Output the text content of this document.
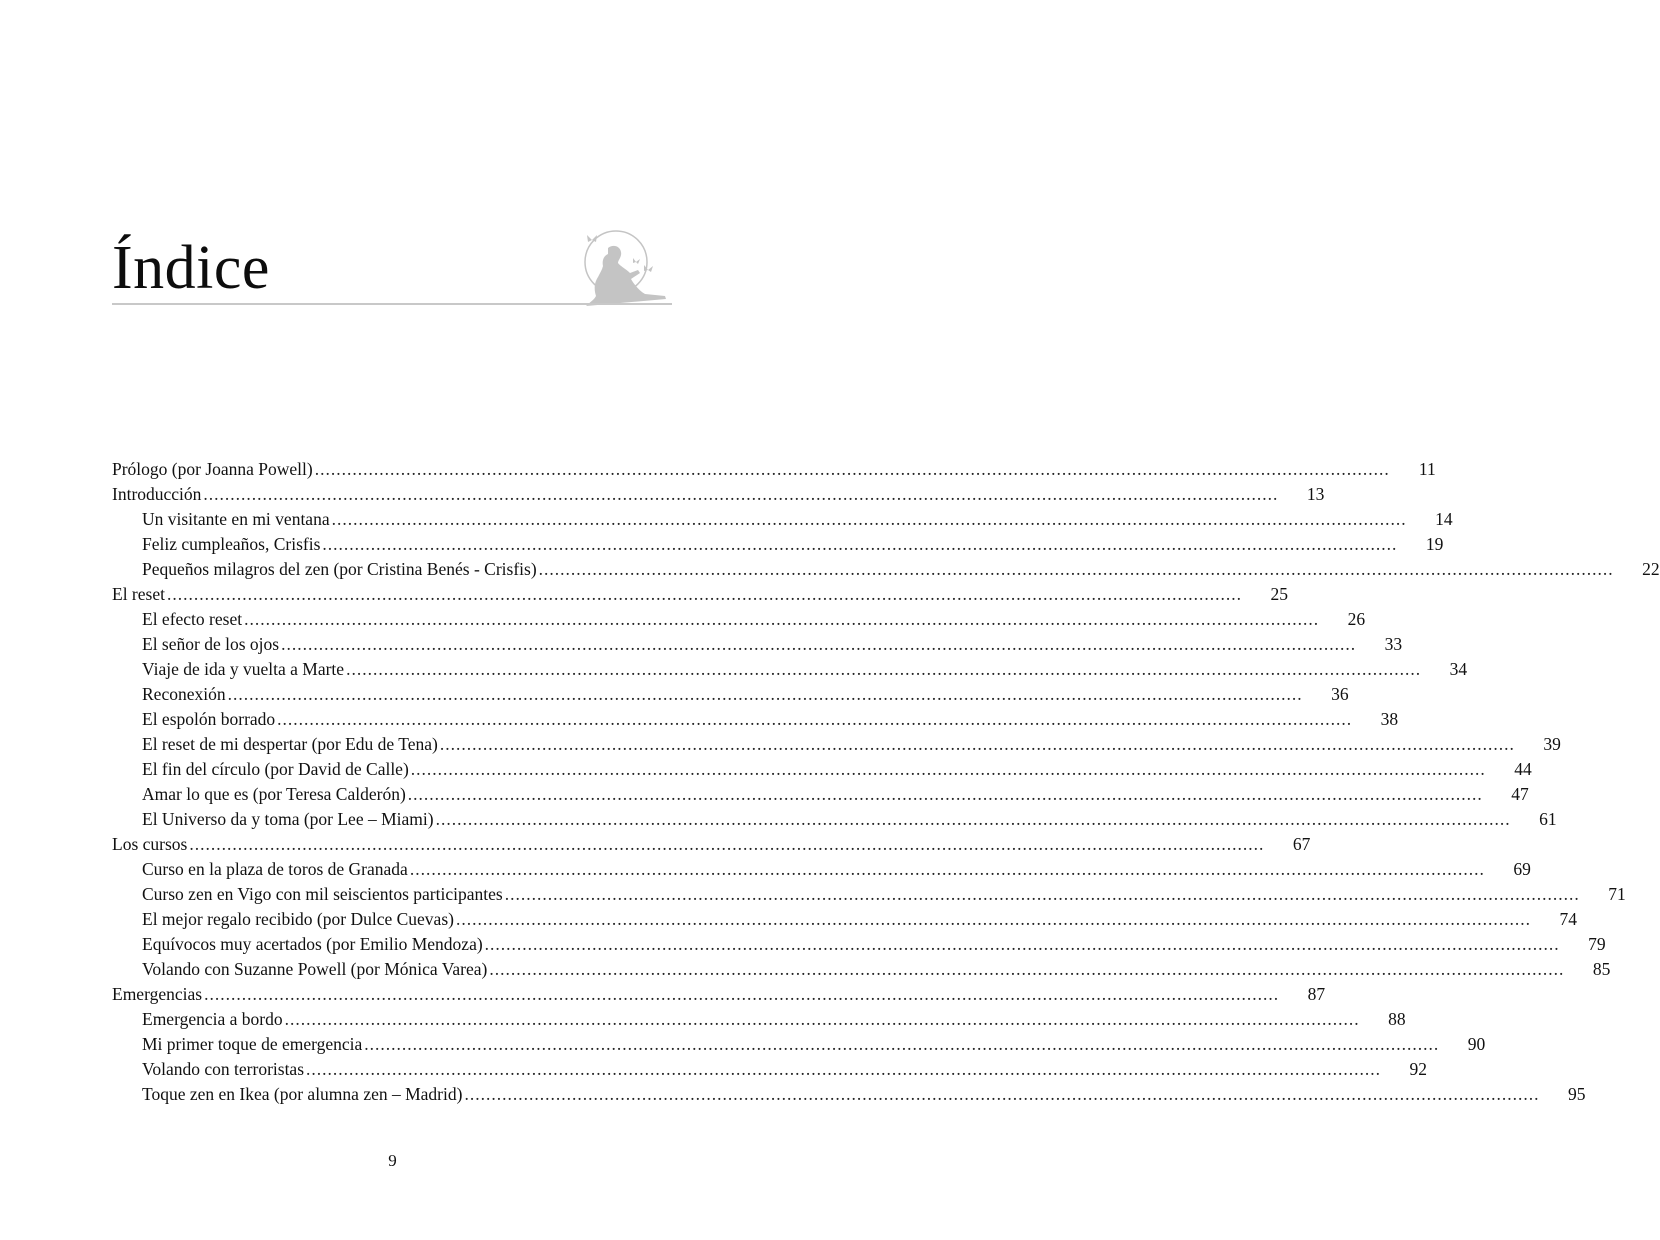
Índice
Prólogo (por Joanna Powell) ........................................................................................................................................................................................................	11
Introducción ........................................................................................................................................................................................................	13
Un visitante en mi ventana ........................................................................................................................................................................................................	14
Feliz cumpleaños, Crisfis ........................................................................................................................................................................................................	19
Pequeños milagros del zen (por Cristina Benés - Crisfis) ........................................................................................................................................................................................................	22
El reset ........................................................................................................................................................................................................	25
El efecto reset ........................................................................................................................................................................................................	26
El señor de los ojos ........................................................................................................................................................................................................	33
Viaje de ida y vuelta a Marte ........................................................................................................................................................................................................	34
Reconexión ........................................................................................................................................................................................................	36
El espolón borrado ........................................................................................................................................................................................................	38
El reset de mi despertar (por Edu de Tena) ........................................................................................................................................................................................................	39
El fin del círculo (por David de Calle) ........................................................................................................................................................................................................	44
Amar lo que es (por Teresa Calderón) ........................................................................................................................................................................................................	47
El Universo da y toma (por Lee – Miami) ........................................................................................................................................................................................................	61
Los cursos ........................................................................................................................................................................................................	67
Curso en la plaza de toros de Granada ........................................................................................................................................................................................................	69
Curso zen en Vigo con mil seiscientos participantes ........................................................................................................................................................................................................	71
El mejor regalo recibido (por Dulce Cuevas) ........................................................................................................................................................................................................	74
Equívocos muy acertados (por Emilio Mendoza) ........................................................................................................................................................................................................	79
Volando con Suzanne Powell (por Mónica Varea) ........................................................................................................................................................................................................	85
Emergencias ........................................................................................................................................................................................................	87
Emergencia a bordo ........................................................................................................................................................................................................	88
Mi primer toque de emergencia ........................................................................................................................................................................................................	90
Volando con terroristas ........................................................................................................................................................................................................	92
Toque zen en Ikea (por alumna zen – Madrid) ........................................................................................................................................................................................................	95
9
